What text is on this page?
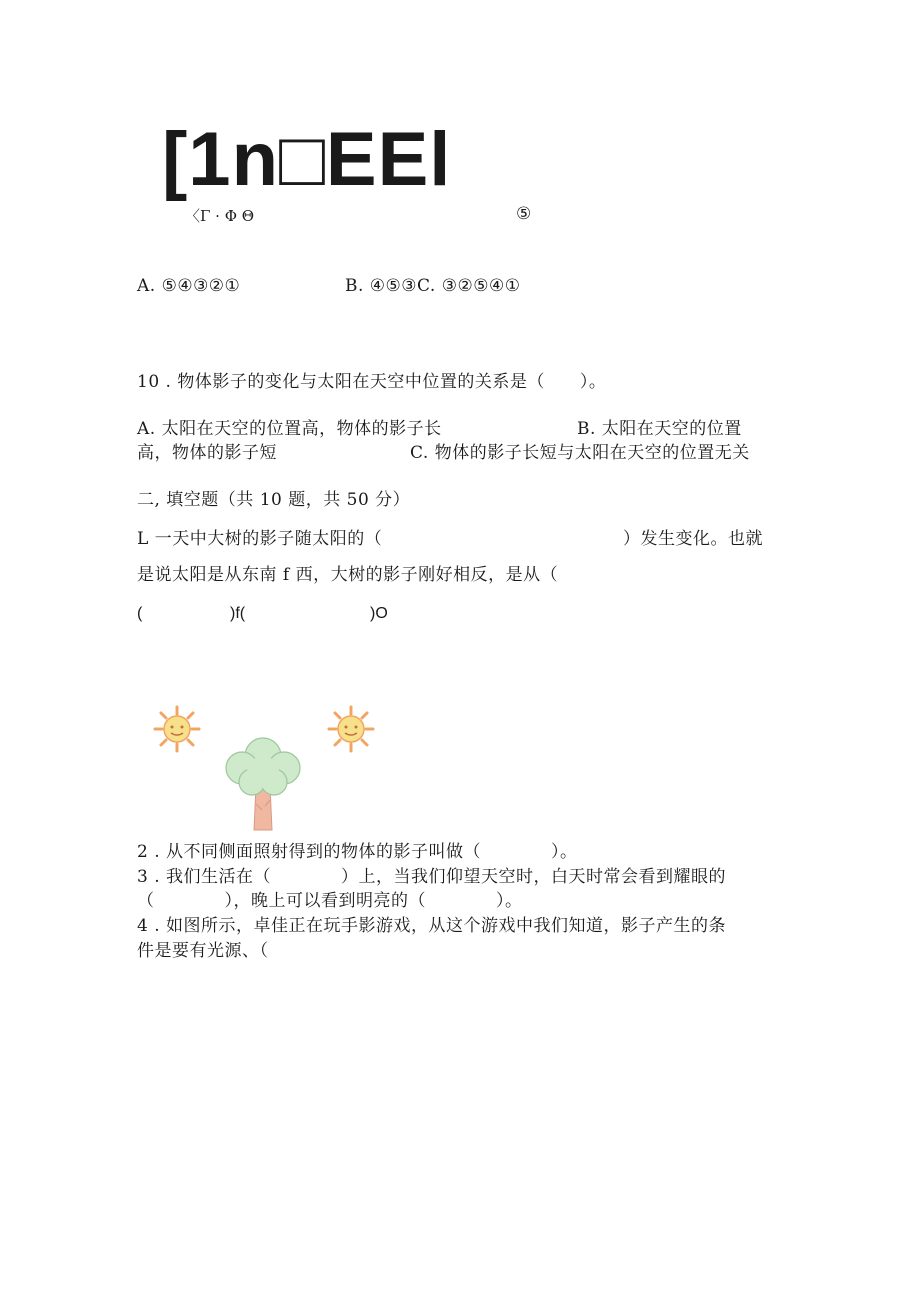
[1n□EEl
〈Γ · Φ Θ	⑤
A. ⑤④③②①	B. ④⑤③C. ③②⑤④①
10 . 物体影子的变化与太阳在天空中位置的关系是（　　）。
A. 太阳在天空的位置高，物体的影子长	B. 太阳在天空的位置
高，物体的影子短	C. 物体的影子长短与太阳在天空的位置无关
二, 填空题（共 10 题，共 50 分）
L 一天中大树的影子随太阳的（	）发生变化。也就
是说太阳是从东南 f 西，大树的影子刚好相反，是从（
(	)f(	)O
2 . 从不同侧面照射得到的物体的影子叫做（　　　　）。
3 . 我们生活在（　　　　）上，当我们仰望天空时，白天时常会看到耀眼的
（　　　　），晚上可以看到明亮的（　　　　）。
4 . 如图所示，卓佳正在玩手影游戏，从这个游戏中我们知道，影子产生的条
件是要有光源、（
